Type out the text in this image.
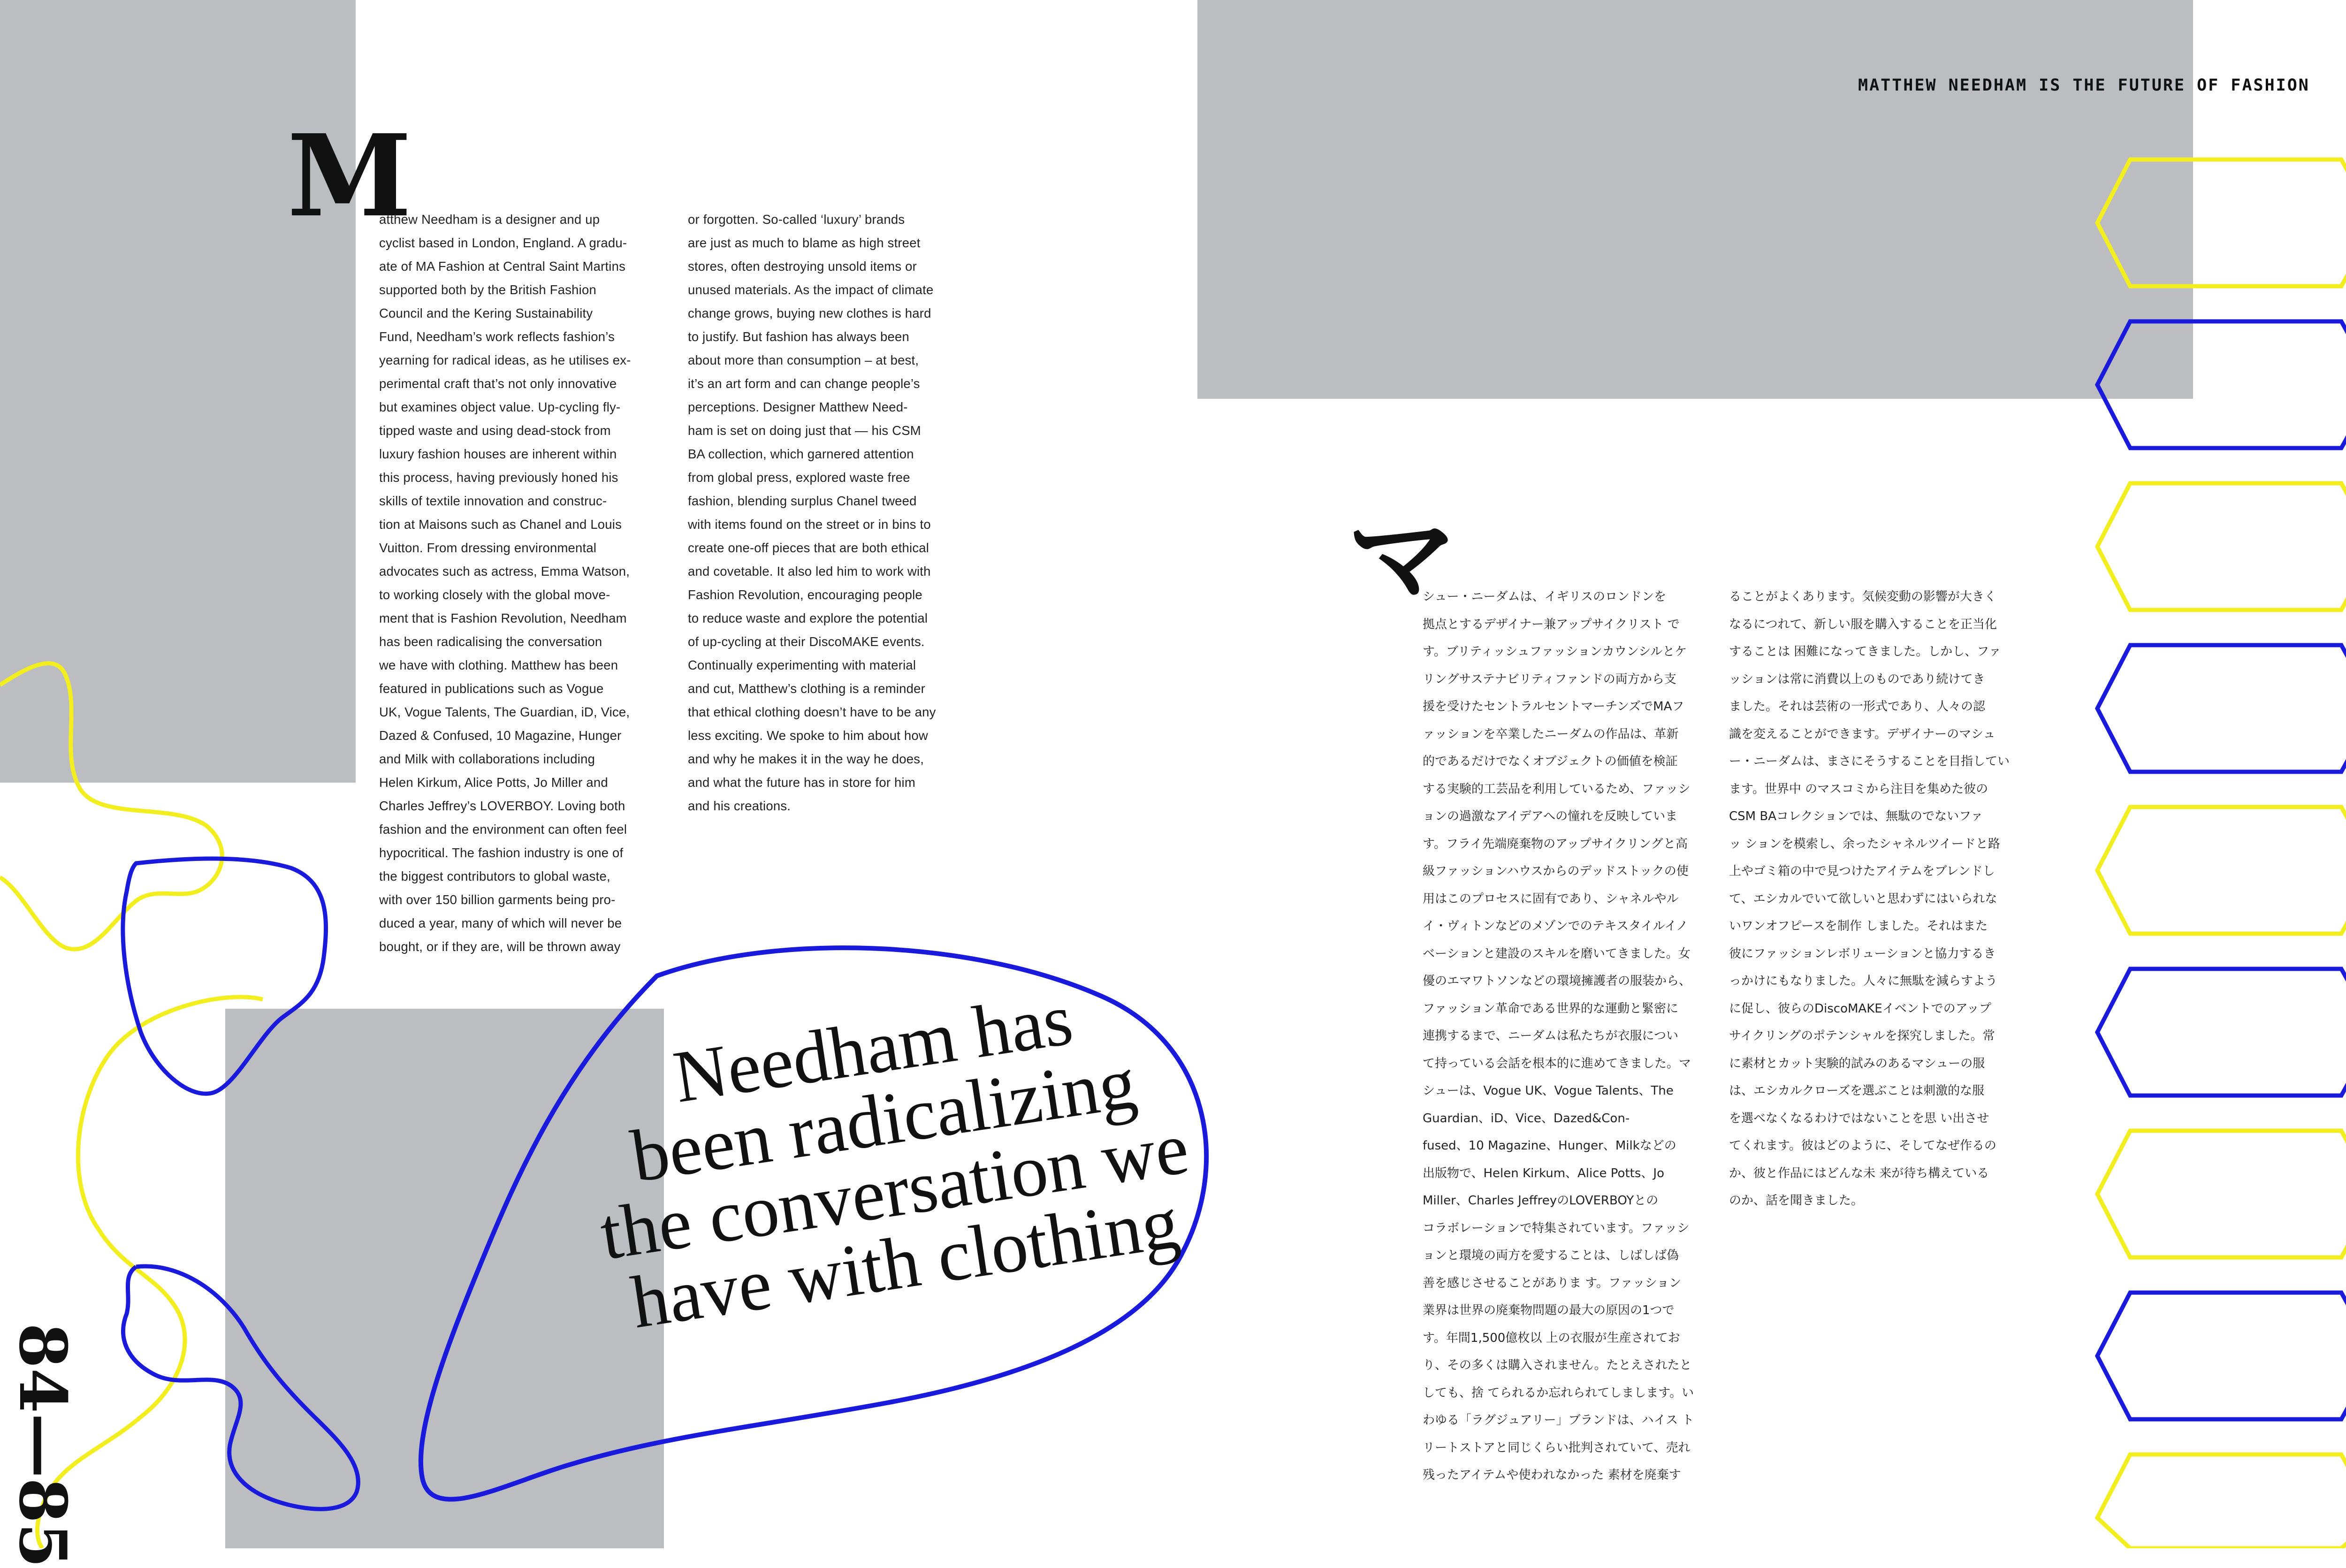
MATTHEW NEEDHAM IS THE FUTURE OF FASHION
M
atthew Needham is a designer and up
cyclist based in London, England. A gradu-
ate of MA Fashion at Central Saint Martins
supported both by the British Fashion
Council and the Kering Sustainability
Fund, Needham’s work reflects fashion’s
yearning for radical ideas, as he utilises ex-
perimental craft that’s not only innovative
but examines object value. Up-cycling fly-
tipped waste and using dead-stock from
luxury fashion houses are inherent within
this process, having previously honed his
skills of textile innovation and construc-
tion at Maisons such as Chanel and Louis
Vuitton. From dressing environmental
advocates such as actress, Emma Watson,
to working closely with the global move-
ment that is Fashion Revolution, Needham
has been radicalising the conversation
we have with clothing. Matthew has been
featured in publications such as Vogue
UK, Vogue Talents, The Guardian, iD, Vice,
Dazed & Confused, 10 Magazine, Hunger
and Milk with collaborations including
Helen Kirkum, Alice Potts, Jo Miller and
Charles Jeffrey’s LOVERBOY. Loving both
fashion and the environment can often feel
hypocritical. The fashion industry is one of
the biggest contributors to global waste,
with over 150 billion garments being pro-
duced a year, many of which will never be
bought, or if they are, will be thrown away
or forgotten. So-called ‘luxury’ brands
are just as much to blame as high street
stores, often destroying unsold items or
unused materials. As the impact of climate
change grows, buying new clothes is hard
to justify. But fashion has always been
about more than consumption – at best,
it’s an art form and can change people’s
perceptions. Designer Matthew Need-
ham is set on doing just that — his CSM
BA collection, which garnered attention
from global press, explored waste free
fashion, blending surplus Chanel tweed
with items found on the street or in bins to
create one-off pieces that are both ethical
and covetable. It also led him to work with
Fashion Revolution, encouraging people
to reduce waste and explore the potential
of up-cycling at their DiscoMAKE events.
Continually experimenting with material
and cut, Matthew’s clothing is a reminder
that ethical clothing doesn’t have to be any
less exciting. We spoke to him about how
and why he makes it in the way he does,
and what the future has in store for him
and his creations.
Needham has
been radicalizing
the conversation we
have with clothing
マ
シュー・ニーダムは、イギリスのロンドンを
拠点とするデザイナー兼アップサイクリスト で
す。ブリティッシュファッションカウンシルとケ
リングサステナビリティファンドの両方から支
援を受けたセントラルセントマーチンズでMAフ
ァッションを卒業したニーダムの作品は、革新
的であるだけでなくオブジェクトの価値を検証
する実験的工芸品を利用しているため、ファッシ
ョンの過激なアイデアへの憧れを反映していま
す。フライ先端廃棄物のアップサイクリングと高
級ファッションハウスからのデッドストックの使
用はこのプロセスに固有であり、シャネルやル
イ・ヴィトンなどのメゾンでのテキスタイルイノ
ベーションと建設のスキルを磨いてきました。女
優のエマワトソンなどの環境擁護者の服装から、
ファッション革命である世界的な運動と緊密に
連携するまで、ニーダムは私たちが衣服につい
て持っている会話を根本的に進めてきました。マ
シューは、Vogue UK、Vogue Talents、The
Guardian、iD、Vice、Dazed&Con-
fused、10 Magazine、Hunger、Milkなどの
出版物で、Helen Kirkum、Alice Potts、Jo
Miller、Charles JeffreyのLOVERBOYとの
コラボレーションで特集されています。ファッシ
ョンと環境の両方を愛することは、しばしば偽
善を感じさせることがありま す。ファッション
業界は世界の廃棄物問題の最大の原因の1つで
す。年間1,500億枚以 上の衣服が生産されてお
り、その多くは購入されません。たとえされたと
しても、捨 てられるか忘れられてしまします。い
わゆる「ラグジュアリー」ブランドは、ハイス ト
リートストアと同じくらい批判されていて、売れ
残ったアイテムや使われなかった 素材を廃棄す
ることがよくあります。気候変動の影響が大きく
なるにつれて、新しい服を購入することを正当化
することは 困難になってきました。しかし、ファ
ッションは常に消費以上のものであり続けてき
ました。それは芸術の一形式であり、人々の認
識を変えることができます。デザイナーのマシュ
ー・ニーダムは、まさにそうすることを目指してい
ます。世界中 のマスコミから注目を集めた彼の
CSM BAコレクションでは、無駄のでないファ
ッ ションを模索し、余ったシャネルツイードと路
上やゴミ箱の中で見つけたアイテムをブレンドし
て、エシカルでいて欲しいと思わずにはいられな
いワンオフピースを制作 しました。それはまた
彼にファッションレボリューションと協力するき
っかけにもなりました。人々に無駄を減らすよう
に促し、彼らのDiscoMAKEイベントでのアップ
サイクリングのポテンシャルを探究しました。常
に素材とカット実験的試みのあるマシューの服
は、エシカルクローズを選ぶことは刺激的な服
を選べなくなるわけではないことを思 い出させ
てくれます。彼はどのように、そしてなぜ作るの
か、彼と作品にはどんな未 来が待ち構えている
のか、話を聞きました。
84—85
